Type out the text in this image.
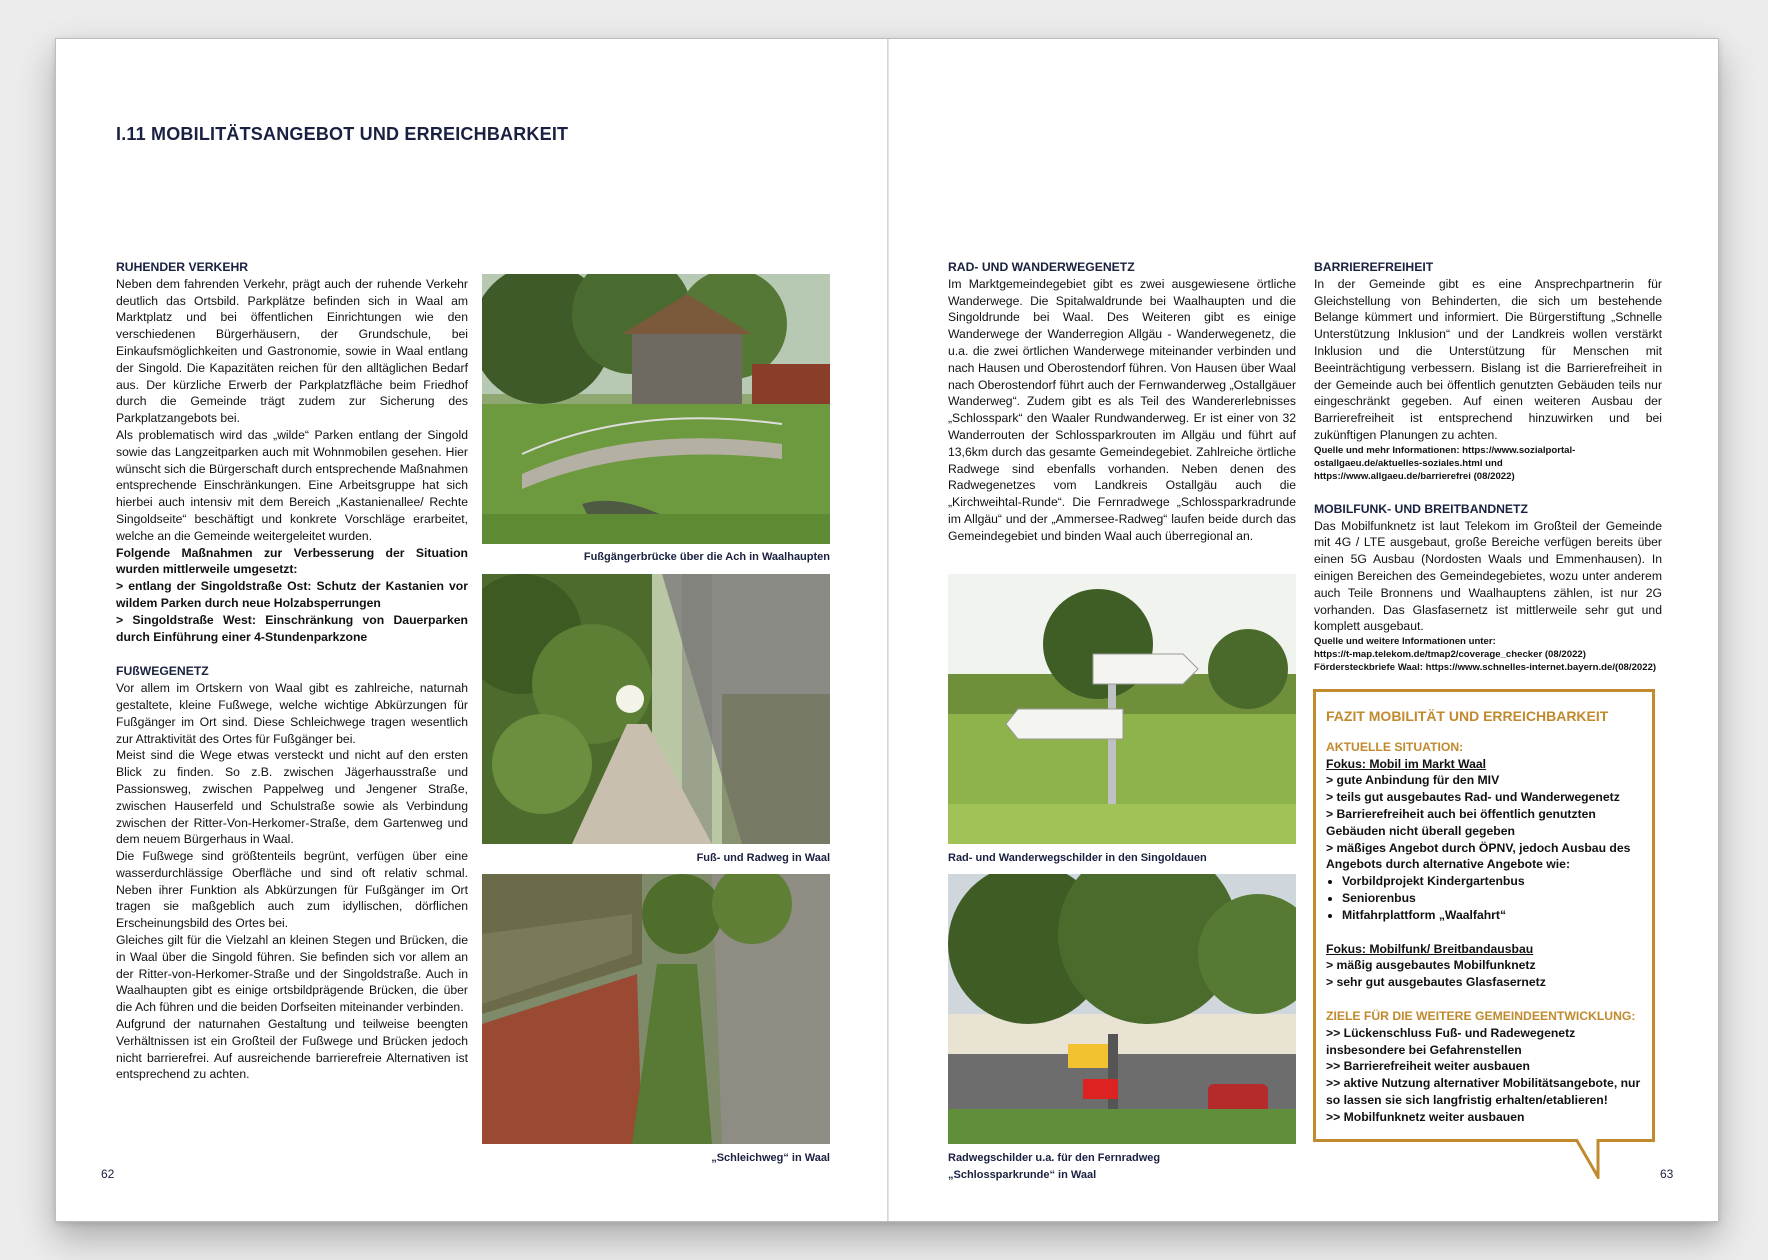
I.11 MOBILITÄTSANGEBOT UND ERREICHBARKEIT

RUHENDER VERKEHR

Neben dem fahrenden Verkehr, prägt auch der ruhende Verkehr deutlich das Ortsbild. Parkplätze befinden sich in Waal am Marktplatz und bei öffentlichen Einrichtungen wie den verschiedenen Bürgerhäusern, der Grundschule, bei Einkaufsmöglichkeiten und Gastronomie, sowie in Waal entlang der Singold. Die Kapazitäten reichen für den alltäglichen Bedarf aus. Der kürzliche Erwerb der Parkplatzfläche beim Friedhof durch die Gemeinde trägt zudem zur Sicherung des Parkplatzangebots bei.

Als problematisch wird das „wilde“ Parken entlang der Singold sowie das Langzeitparken auch mit Wohnmobilen gesehen. Hier wünscht sich die Bürgerschaft durch entsprechende Maßnahmen entsprechende Einschränkungen. Eine Arbeitsgruppe hat sich hierbei auch intensiv mit dem Bereich „Kastanienallee/ Rechte Singoldseite“ beschäftigt und konkrete Vorschläge erarbeitet, welche an die Gemeinde weitergeleitet wurden.

Folgende Maßnahmen zur Verbesserung der Situation wurden mittlerweile umgesetzt:

> entlang der Singoldstraße Ost: Schutz der Kastanien vor wildem Parken durch neue Holzabsperrungen

> Singoldstraße West: Einschränkung von Dauerparken durch Einführung einer 4-Stundenparkzone

FUßWEGENETZ

Vor allem im Ortskern von Waal gibt es zahlreiche, naturnah gestaltete, kleine Fußwege, welche wichtige Abkürzungen für Fußgänger im Ort sind. Diese Schleichwege tragen wesentlich zur Attraktivität des Ortes für Fußgänger bei.

Meist sind die Wege etwas versteckt und nicht auf den ersten Blick zu finden. So z.B. zwischen Jägerhausstraße und Passionsweg, zwischen Pappelweg und Jengener Straße, zwischen Hauserfeld und Schulstraße sowie als Verbindung zwischen der Ritter-Von-Herkomer-Straße, dem Gartenweg und dem neuem Bürgerhaus in Waal.

Die Fußwege sind größtenteils begrünt, verfügen über eine wasserdurchlässige Oberfläche und sind oft relativ schmal. Neben ihrer Funktion als Abkürzungen für Fußgänger im Ort tragen sie maßgeblich auch zum idyllischen, dörflichen Erscheinungsbild des Ortes bei.

Gleiches gilt für die Vielzahl an kleinen Stegen und Brücken, die in Waal über die Singold führen. Sie befinden sich vor allem an der Ritter-von-Herkomer-Straße und der Singoldstraße. Auch in Waalhaupten gibt es einige ortsbildprägende Brücken, die über die Ach führen und die beiden Dorfseiten miteinander verbinden.

Aufgrund der naturnahen Gestaltung und teilweise beengten Verhältnissen ist ein Großteil der Fußwege und Brücken jedoch nicht barrierefrei. Auf ausreichende barrierefreie Alternativen ist entsprechend zu achten.

Fußgängerbrücke über die Ach in Waalhaupten
Fuß- und Radweg in Waal
„Schleichweg“ in Waal
62

RAD- UND WANDERWEGENETZ

Im Marktgemeindegebiet gibt es zwei ausgewiesene örtliche Wanderwege. Die Spitalwaldrunde bei Waalhaupten und die Singoldrunde bei Waal. Des Weiteren gibt es einige Wanderwege der Wanderregion Allgäu - Wanderwegenetz, die u.a. die zwei örtlichen Wanderwege miteinander verbinden und nach Hausen und Oberostendorf führen. Von Hausen über Waal nach Oberostendorf führt auch der Fernwanderweg „Ostallgäuer Wanderweg“. Zudem gibt es als Teil des Wandererlebnisses „Schlosspark“ den Waaler Rundwanderweg. Er ist einer von 32 Wanderrouten der Schlossparkrouten im Allgäu und führt auf 13,6km durch das gesamte Gemeindegebiet. Zahlreiche örtliche Radwege sind ebenfalls vorhanden. Neben denen des Radwegenetzes vom Landkreis Ostallgäu auch die „Kirchweihtal-Runde“. Die Fernradwege „Schlossparkradrunde im Allgäu“ und der „Ammersee-Radweg“ laufen beide durch das Gemeindegebiet und binden Waal auch überregional an.

BARRIEREFREIHEIT

In der Gemeinde gibt es eine Ansprechpartnerin für Gleichstellung von Behinderten, die sich um bestehende Belange kümmert und informiert. Die Bürgerstiftung „Schnelle Unterstützung Inklusion“ und der Landkreis wollen verstärkt Inklusion und die Unterstützung für Menschen mit Beeinträchtigung verbessern. Bislang ist die Barrierefreiheit in der Gemeinde auch bei öffentlich genutzten Gebäuden teils nur eingeschränkt gegeben. Auf einen weiteren Ausbau der Barrierefreiheit ist entsprechend hinzuwirken und bei zukünftigen Planungen zu achten.

Quelle und mehr Informationen: https://www.sozialportal-ostallgaeu.de/aktuelles-soziales.html und https://www.allgaeu.de/barrierefrei (08/2022)

MOBILFUNK- UND BREITBANDNETZ

Das Mobilfunknetz ist laut Telekom im Großteil der Gemeinde mit 4G / LTE ausgebaut, große Bereiche verfügen bereits über einen 5G Ausbau (Nordosten Waals und Emmenhausen). In einigen Bereichen des Gemeindegebietes, wozu unter anderem auch Teile Bronnens und Waalhauptens zählen, ist nur 2G vorhanden. Das Glasfasernetz ist mittlerweile sehr gut und komplett ausgebaut.

Quelle und weitere Informationen unter:

https://t-map.telekom.de/tmap2/coverage_checker (08/2022)

Fördersteckbriefe Waal: https://www.schnelles-internet.bayern.de/(08/2022)

Rad- und Wanderwegschilder in den Singoldauen
Radwegschilder u.a. für den Fernradweg
„Schlossparkrunde“ in Waal
FAZIT MOBILITÄT UND ERREICHBARKEIT
AKTUELLE SITUATION:
Fokus: Mobil im Markt Waal
> gute Anbindung für den MIV
> teils gut ausgebautes Rad- und Wanderwegenetz
> Barrierefreiheit auch bei öffentlich genutzten Gebäuden nicht überall gegeben
> mäßiges Angebot durch ÖPNV, jedoch Ausbau des Angebots durch alternative Angebote wie:
• Vorbildprojekt Kindergartenbus
• Seniorenbus
• Mitfahrplattform „Waalfahrt“
Fokus: Mobilfunk/ Breitbandausbau
> mäßig ausgebautes Mobilfunknetz
> sehr gut ausgebautes Glasfasernetz
ZIELE FÜR DIE WEITERE GEMEINDEENTWICKLUNG:
>> Lückenschluss Fuß- und Radewegenetz insbesondere bei Gefahrenstellen
>> Barrierefreiheit weiter ausbauen
>> aktive Nutzung alternativer Mobilitätsangebote, nur so lassen sie sich langfristig erhalten/etablieren!
>> Mobilfunknetz weiter ausbauen
63
